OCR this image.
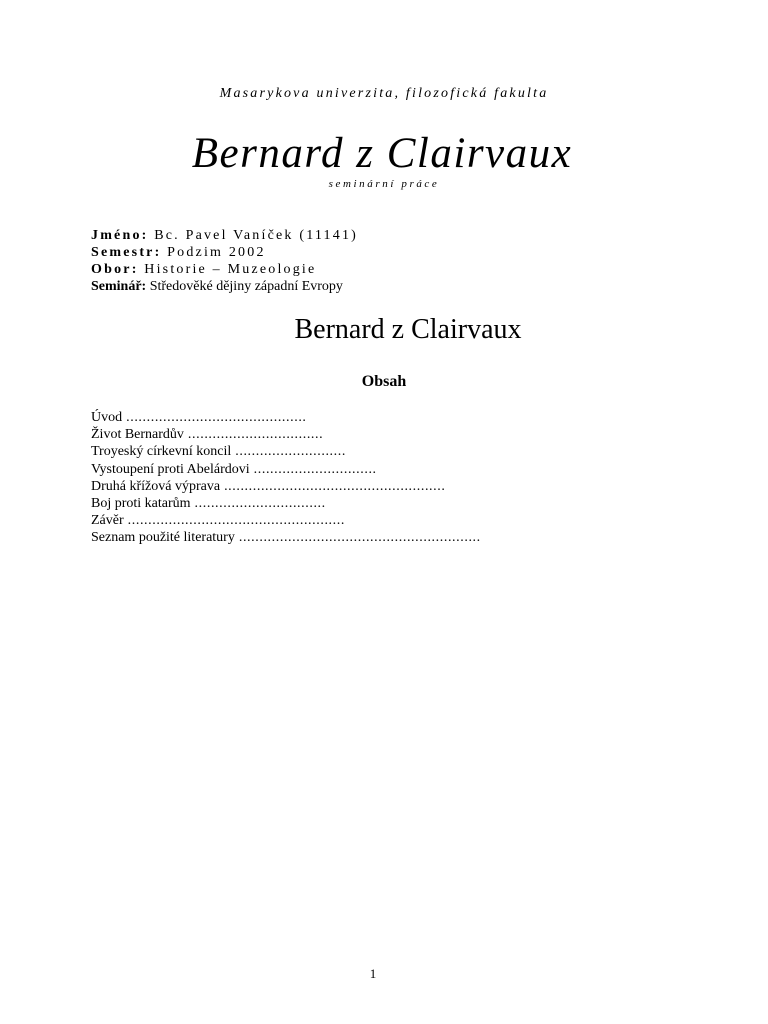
Masarykova univerzita, filozofická fakulta
Bernard z Clairvaux
seminární práce
Jméno: Bc. Pavel Vaníček (11141)
Semestr: Podzim 2002
Obor: Historie – Muzeologie
Seminář: Středověké dějiny západní Evropy
Bernard z Clairvaux
Obsah
Úvod ............................................
Život Bernardův .................................
Troyeský církevní koncil ...........................
Vystoupení proti Abelárdovi ..............................
Druhá křížová výprava ......................................................
Boj proti katarům ................................
Závěr .....................................................
Seznam použité literatury ...........................................................
1
